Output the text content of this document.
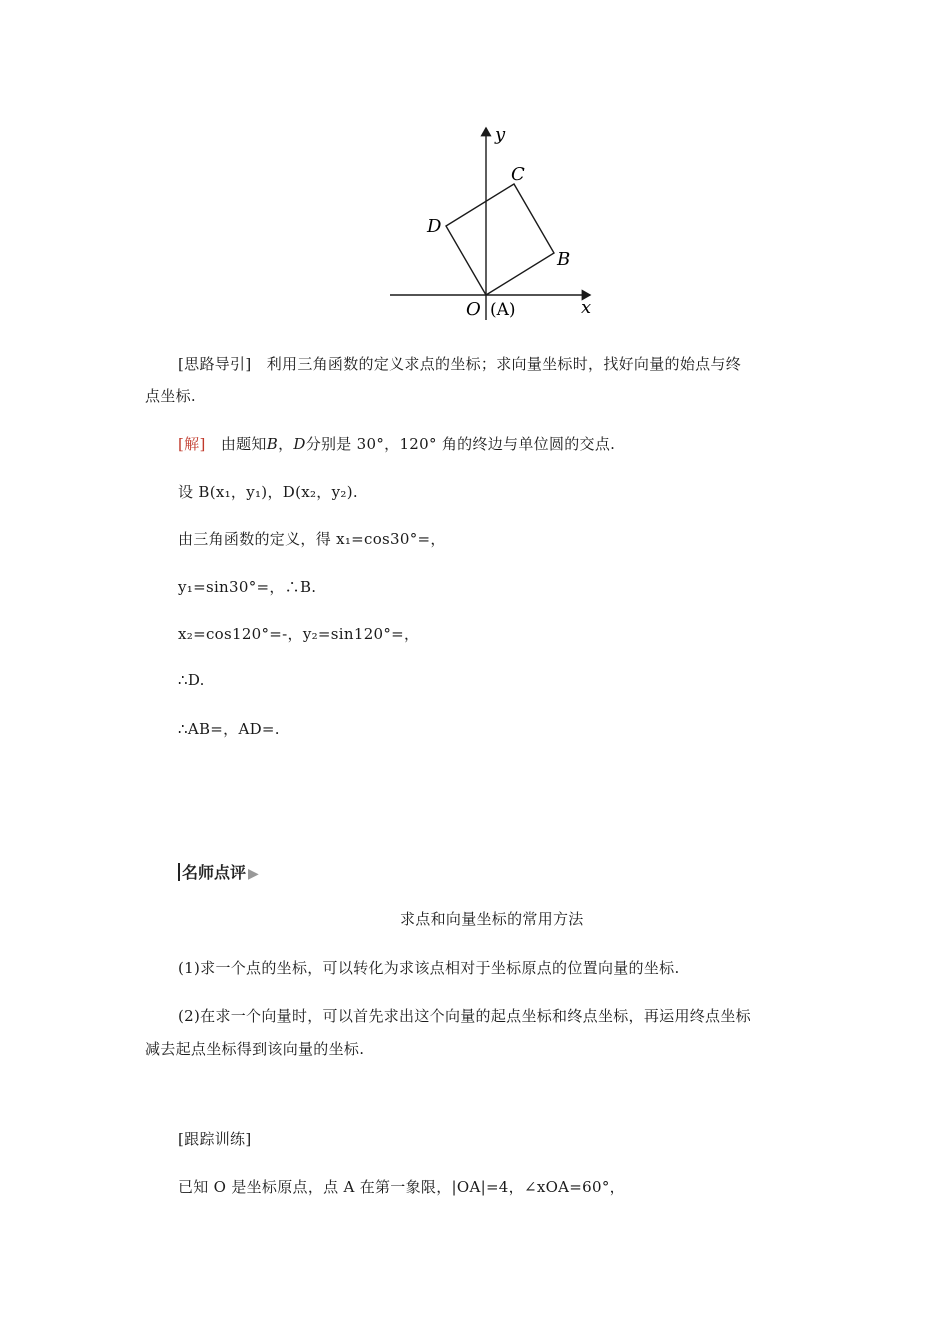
y
x
C
D
B
O (A)
[思路导引] 利用三角函数的定义求点的坐标；求向量坐标时，找好向量的始点与终
点坐标.
[解] 由题知B，D分别是 30°，120° 角的终边与单位圆的交点.
设 B(x₁，y₁)，D(x₂，y₂).
由三角函数的定义，得 x₁=cos30°=，
y₁=sin30°=，∴B.
x₂=cos120°=-，y₂=sin120°=，
∴D.
∴AB=，AD=.
名师点评 ▶
求点和向量坐标的常用方法
(1)求一个点的坐标，可以转化为求该点相对于坐标原点的位置向量的坐标.
(2)在求一个向量时，可以首先求出这个向量的起点坐标和终点坐标，再运用终点坐标
减去起点坐标得到该向量的坐标.
[跟踪训练]
已知 O 是坐标原点，点 A 在第一象限，|OA|=4，∠xOA=60°，
